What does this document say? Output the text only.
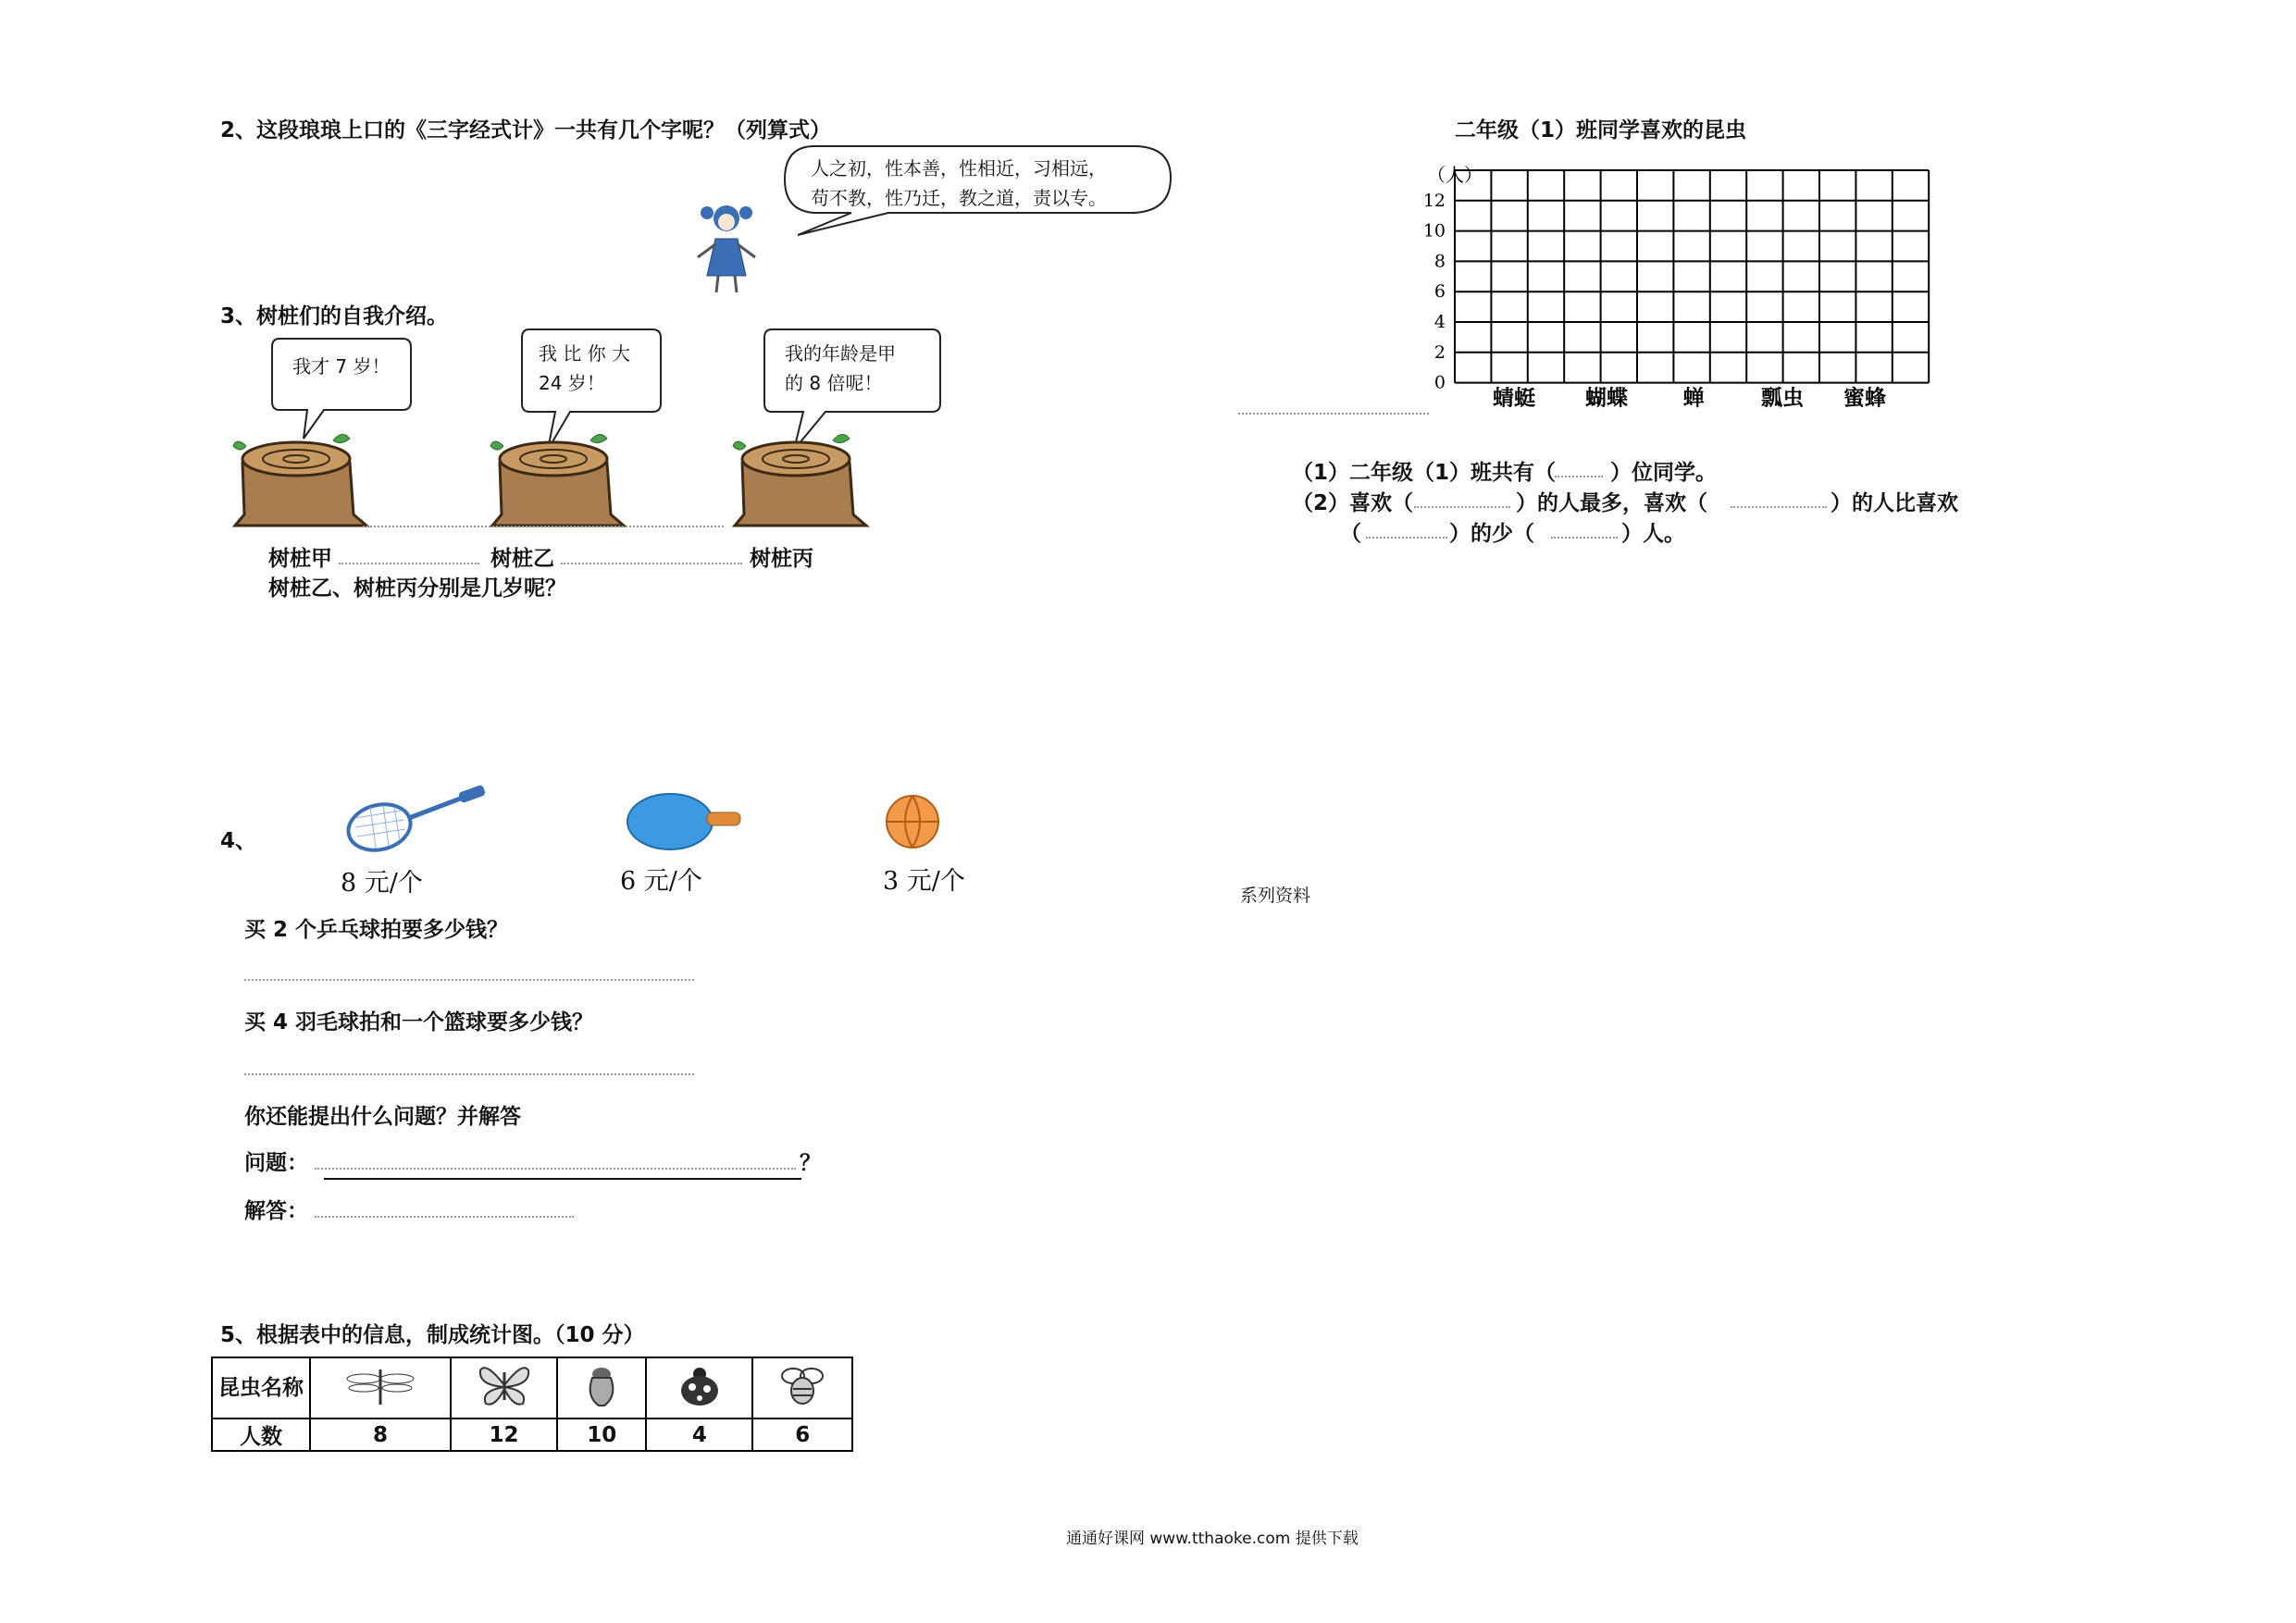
2、这段琅琅上口的《三字经式计》一共有几个字呢？（列算式）
人之初，性本善，性相近，习相远，
苟不教，性乃迁，教之道，责以专。
3、树桩们的自我介绍。
我才 7 岁！
我 比 你 大
24 岁！
我的年龄是甲
的 8 倍呢！
树桩甲	树桩乙	树桩丙
树桩乙、树桩丙分别是几岁呢？
4、
8 元/个	6 元/个	3 元/个
买 2 个乒乓球拍要多少钱？
买 4 羽毛球拍和一个篮球要多少钱？
你还能提出什么问题？并解答
问题：	？
解答：
5、根据表中的信息，制成统计图。（10 分）
昆虫名称					
人数	8	12	10	4	6
二年级（1）班同学喜欢的昆虫
（人）
0
2
4
6
8
10
12
蜻蜓 蝴蝶	蝉	瓢虫 蜜蜂
（1）二年级（1）班共有（	）位同学。
（2）喜欢（	）的人最多，喜欢（	）的人比喜欢
（	）的少（	）人。
系列资料
通通好课网 www.tthaoke.com 提供下载
